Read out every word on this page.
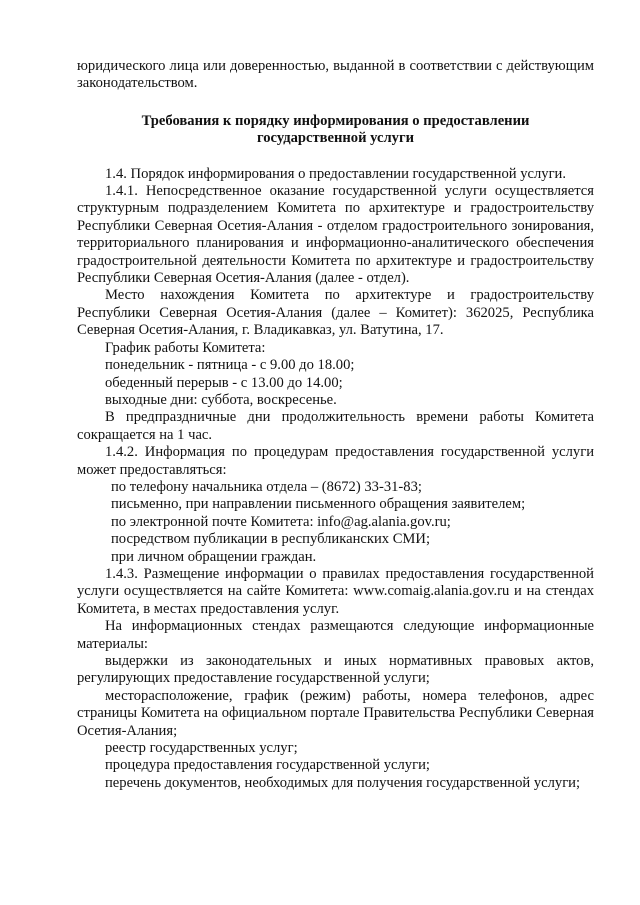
юридического лица или доверенностью, выданной в соответствии с действующим законодательством.

Требования к порядку информирования о предоставлении государственной услуги

1.4. Порядок информирования о предоставлении государственной услуги.

1.4.1. Непосредственное оказание государственной услуги осуществляется структурным подразделением Комитета по архитектуре и градостроительству Республики Северная Осетия-Алания - отделом градостроительного зонирования, территориального планирования и информационно-аналитического обеспечения градостроительной деятельности Комитета по архитектуре и градостроительству Республики Северная Осетия-Алания (далее - отдел).

Место нахождения Комитета по архитектуре и градостроительству Республики Северная Осетия-Алания (далее – Комитет): 362025, Республика Северная Осетия-Алания, г. Владикавказ, ул. Ватутина, 17.

График работы Комитета:

понедельник - пятница - с 9.00 до 18.00;

обеденный перерыв - с 13.00 до 14.00;

выходные дни: суббота, воскресенье.

В предпраздничные дни продолжительность времени работы Комитета сокращается на 1 час.

1.4.2. Информация по процедурам предоставления государственной услуги может предоставляться:

по телефону начальника отдела – (8672) 33-31-83;

письменно, при направлении письменного обращения заявителем;

по электронной почте Комитета: info@ag.alania.gov.ru;

посредством публикации в республиканских СМИ;

при личном обращении граждан.

1.4.3. Размещение информации о правилах предоставления государственной услуги осуществляется на сайте Комитета: www.comaig.alania.gov.ru и на стендах Комитета, в местах предоставления услуг.

На информационных стендах размещаются следующие информационные материалы:

выдержки из законодательных и иных нормативных правовых актов, регулирующих предоставление государственной услуги;

месторасположение, график (режим) работы, номера телефонов, адрес страницы Комитета на официальном портале Правительства Республики Северная Осетия-Алания;

реестр государственных услуг;

процедура предоставления государственной услуги;

перечень документов, необходимых для получения государственной услуги;
